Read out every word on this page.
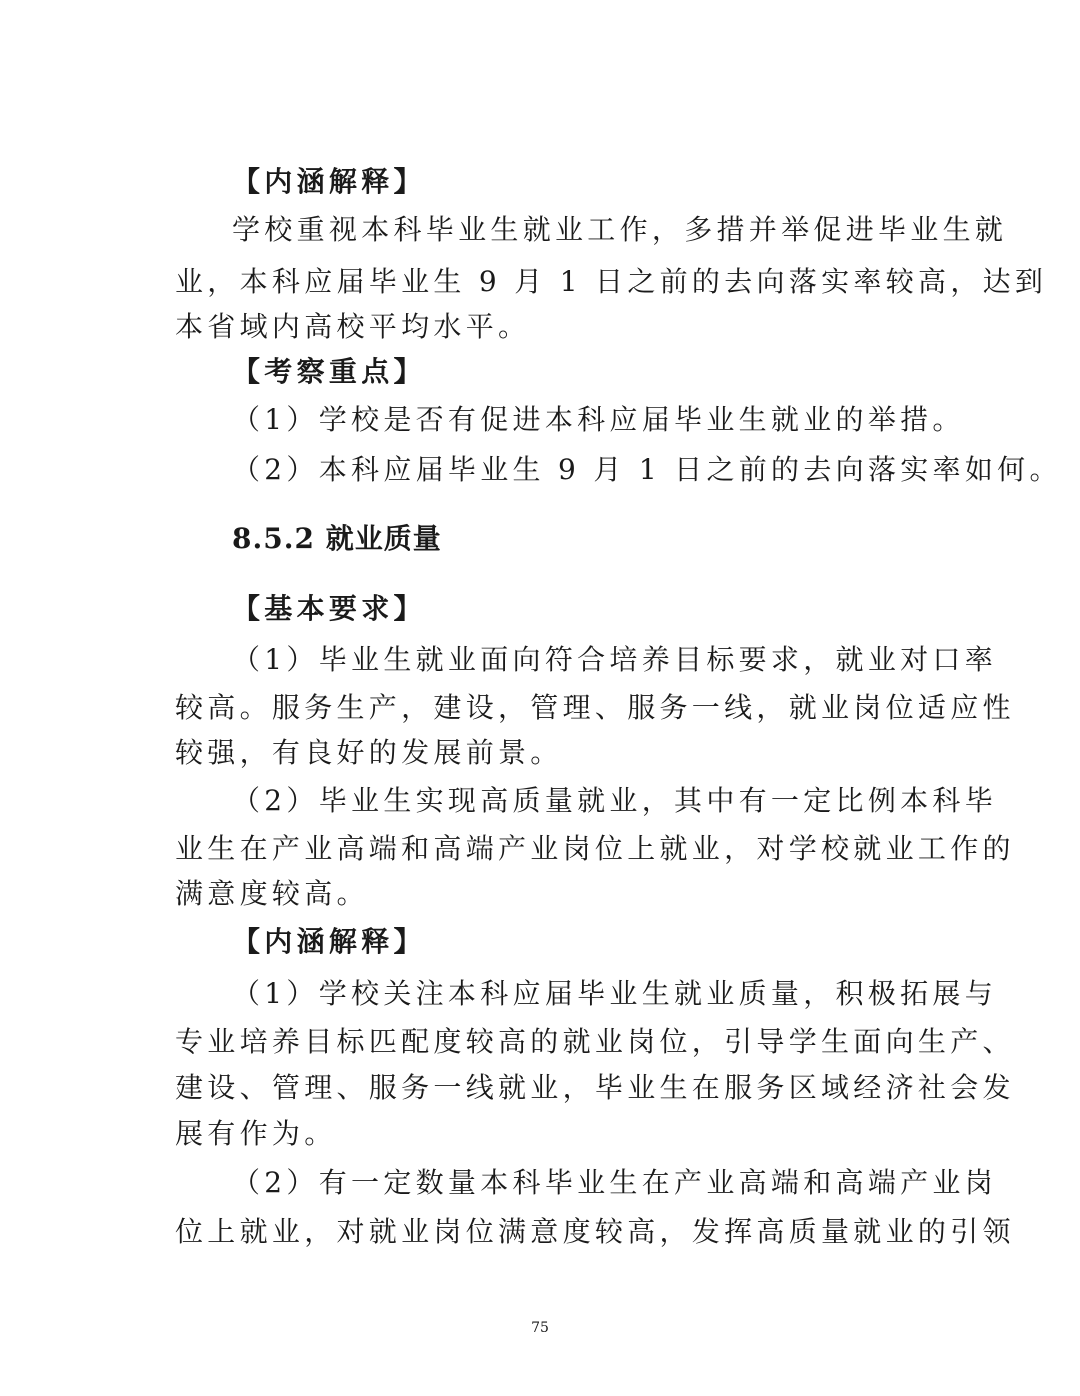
【内涵解释】
学校重视本科毕业生就业工作，多措并举促进毕业生就
业，本科应届毕业生 9 月 1 日之前的去向落实率较高，达到
本省域内高校平均水平。
【考察重点】
（1）学校是否有促进本科应届毕业生就业的举措。
（2）本科应届毕业生 9 月 1 日之前的去向落实率如何。
8.5.2 就业质量
【基本要求】
（1）毕业生就业面向符合培养目标要求，就业对口率
较高。服务生产，建设，管理、服务一线，就业岗位适应性
较强，有良好的发展前景。
（2）毕业生实现高质量就业，其中有一定比例本科毕
业生在产业高端和高端产业岗位上就业，对学校就业工作的
满意度较高。
【内涵解释】
（1）学校关注本科应届毕业生就业质量，积极拓展与
专业培养目标匹配度较高的就业岗位，引导学生面向生产、
建设、管理、服务一线就业，毕业生在服务区域经济社会发
展有作为。
（2）有一定数量本科毕业生在产业高端和高端产业岗
位上就业，对就业岗位满意度较高，发挥高质量就业的引领
75
